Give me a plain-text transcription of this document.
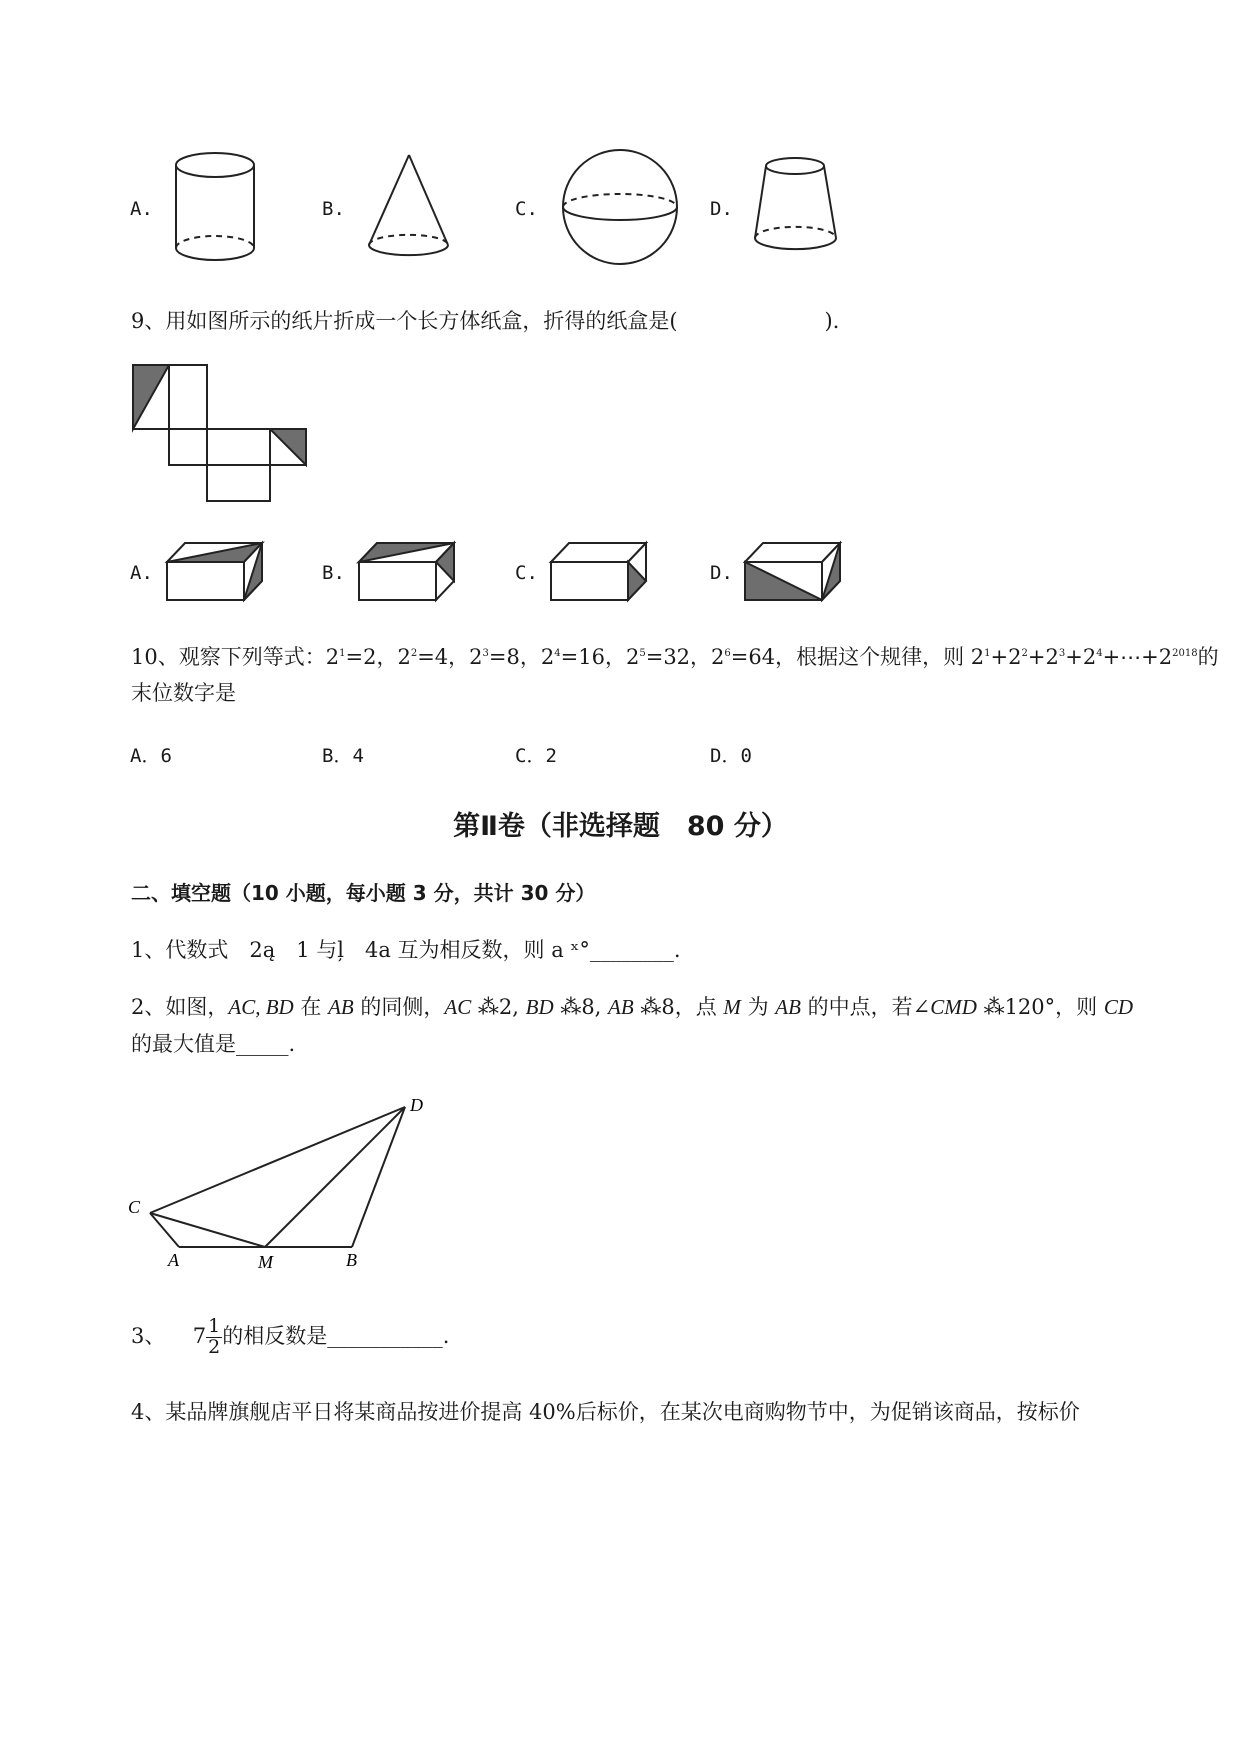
A.	B.	C.	D.
9、用如图所示的纸片折成一个长方体纸盒，折得的纸盒是(　　　　　　　)．
A.	B.	C.	D.
10、观察下列等式：$2^1=2$，$2^2=4$，$2^3=8$，$2^4=16$，$2^5=32$，$2^6=64$，根据这个规律，则 $2^1+2^2+2^3+2^4+\cdots+2^{2018}$的
末位数字是
A．6	B．4	C．2	D．0
第Ⅱ卷（非选择题　80 分）
二、填空题（10 小题，每小题 3 分，共计 30 分）
1、代数式　2ą　1 与ļ　4a 互为相反数，则 a ˣ°________.
2、如图，AC, BD 在 AB 的同侧，AC ⁂2, BD ⁂8, AB ⁂8，点 M 为 AB 的中点，若∠CMD ⁂120°，则 CD
的最大值是_____.
C
A	M	B
D
3、 $7 \frac{1}{2}$ 的相反数是___________.
4、某品牌旗舰店平日将某商品按进价提高 40%后标价，在某次电商购物节中，为促销该商品，按标价
